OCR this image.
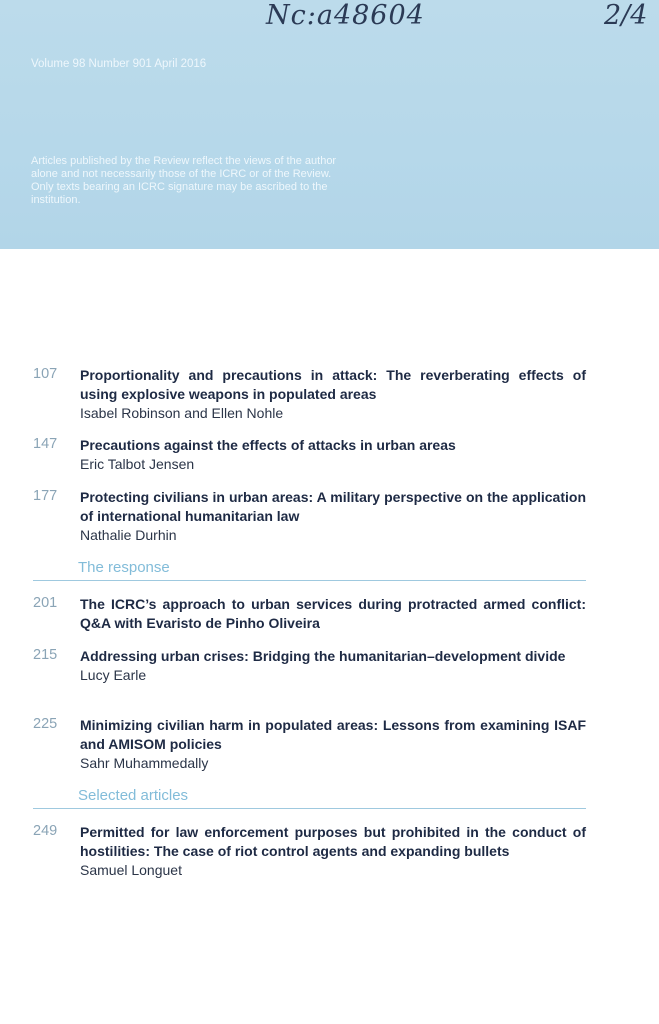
Nc:a48604	2/4
Volume 98 Number 901 April 2016
Articles published by the Review reflect the views of the author alone and not necessarily those of the ICRC or of the Review. Only texts bearing an ICRC signature may be ascribed to the institution.
107 Proportionality and precautions in attack: The reverberating effects of using explosive weapons in populated areas
Isabel Robinson and Ellen Nohle
147 Precautions against the effects of attacks in urban areas
Eric Talbot Jensen
177 Protecting civilians in urban areas: A military perspective on the application of international humanitarian law
Nathalie Durhin
The response
201 The ICRC’s approach to urban services during protracted armed conflict: Q&A with Evaristo de Pinho Oliveira
215 Addressing urban crises: Bridging the humanitarian–development divide
Lucy Earle
225 Minimizing civilian harm in populated areas: Lessons from examining ISAF and AMISOM policies
Sahr Muhammedally
Selected articles
249 Permitted for law enforcement purposes but prohibited in the conduct of hostilities: The case of riot control agents and expanding bullets
Samuel Longuet
